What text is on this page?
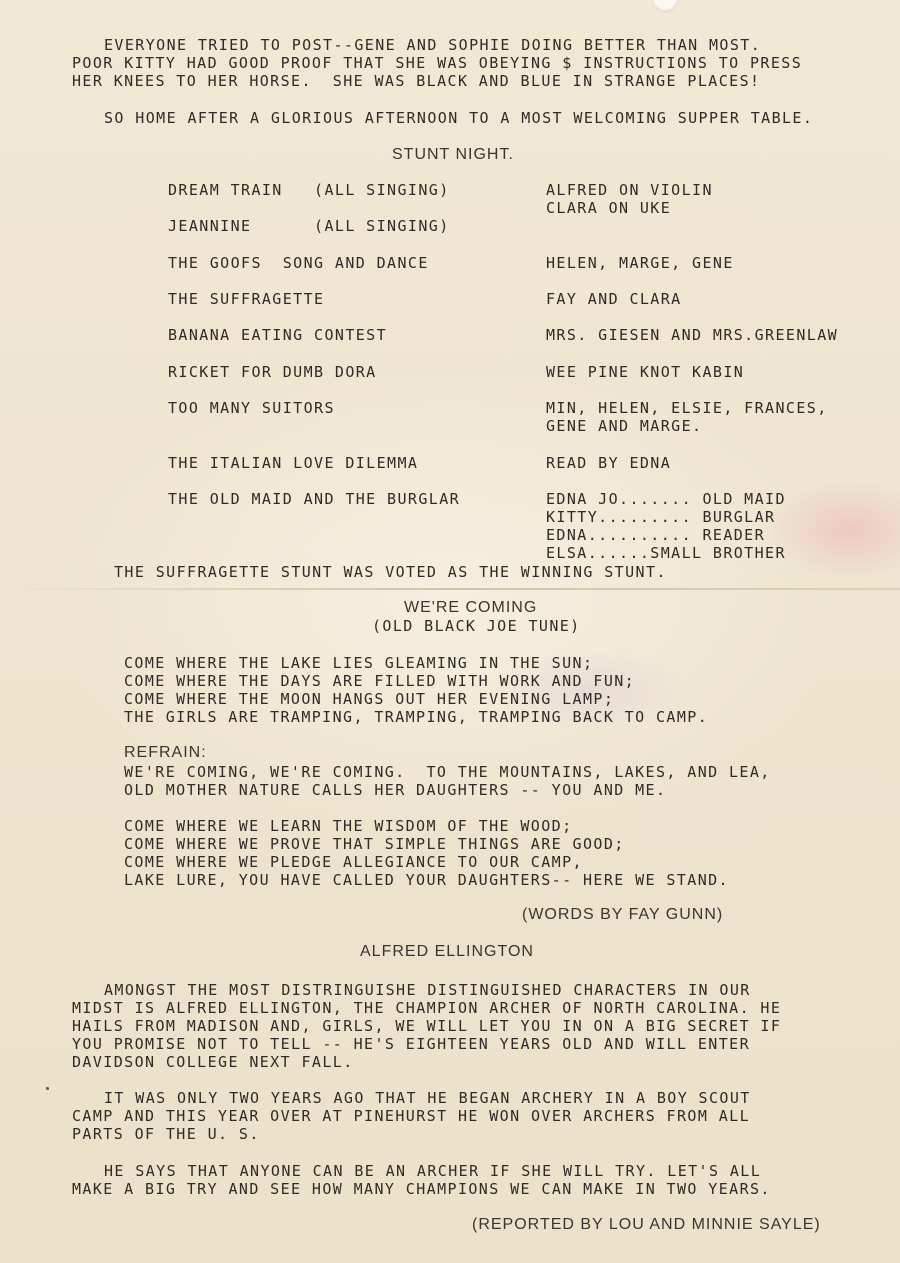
EVERYONE TRIED TO POST--GENE AND SOPHIE DOING BETTER THAN MOST.
POOR KITTY HAD GOOD PROOF THAT SHE WAS OBEYING $ INSTRUCTIONS TO PRESS
HER KNEES TO HER HORSE.  SHE WAS BLACK AND BLUE IN STRANGE PLACES!
SO HOME AFTER A GLORIOUS AFTERNOON TO A MOST WELCOMING SUPPER TABLE.
STUNT NIGHT.
DREAM TRAIN   (ALL SINGING)	ALFRED ON VIOLIN
CLARA ON UKE
JEANNINE      (ALL SINGING)
THE GOOFS  SONG AND DANCE	HELEN, MARGE, GENE
THE SUFFRAGETTE	FAY AND CLARA
BANANA EATING CONTEST	MRS. GIESEN AND MRS.GREENLAW
RICKET FOR DUMB DORA	WEE PINE KNOT KABIN
TOO MANY SUITORS	MIN, HELEN, ELSIE, FRANCES,
GENE AND MARGE.
THE ITALIAN LOVE DILEMMA	READ BY EDNA
THE OLD MAID AND THE BURGLAR	EDNA JO....... OLD MAID
KITTY......... BURGLAR
EDNA.......... READER
ELSA......SMALL BROTHER
THE SUFFRAGETTE STUNT WAS VOTED AS THE WINNING STUNT.
WE'RE COMING
(OLD BLACK JOE TUNE)
COME WHERE THE LAKE LIES GLEAMING IN THE SUN;
COME WHERE THE DAYS ARE FILLED WITH WORK AND FUN;
COME WHERE THE MOON HANGS OUT HER EVENING LAMP;
THE GIRLS ARE TRAMPING, TRAMPING, TRAMPING BACK TO CAMP.
REFRAIN:
WE'RE COMING, WE'RE COMING.  TO THE MOUNTAINS, LAKES, AND LEA,
OLD MOTHER NATURE CALLS HER DAUGHTERS -- YOU AND ME.
COME WHERE WE LEARN THE WISDOM OF THE WOOD;
COME WHERE WE PROVE THAT SIMPLE THINGS ARE GOOD;
COME WHERE WE PLEDGE ALLEGIANCE TO OUR CAMP,
LAKE LURE, YOU HAVE CALLED YOUR DAUGHTERS-- HERE WE STAND.
(WORDS BY FAY GUNN)
ALFRED ELLINGTON
AMONGST THE MOST DISTRINGUISHE DISTINGUISHED CHARACTERS IN OUR
MIDST IS ALFRED ELLINGTON, THE CHAMPION ARCHER OF NORTH CAROLINA. HE
HAILS FROM MADISON AND, GIRLS, WE WILL LET YOU IN ON A BIG SECRET IF
YOU PROMISE NOT TO TELL -- HE'S EIGHTEEN YEARS OLD AND WILL ENTER
DAVIDSON COLLEGE NEXT FALL.
IT WAS ONLY TWO YEARS AGO THAT HE BEGAN ARCHERY IN A BOY SCOUT
CAMP AND THIS YEAR OVER AT PINEHURST HE WON OVER ARCHERS FROM ALL
PARTS OF THE U. S.
HE SAYS THAT ANYONE CAN BE AN ARCHER IF SHE WILL TRY. LET'S ALL
MAKE A BIG TRY AND SEE HOW MANY CHAMPIONS WE CAN MAKE IN TWO YEARS.
(REPORTED BY LOU AND MINNIE SAYLE)
